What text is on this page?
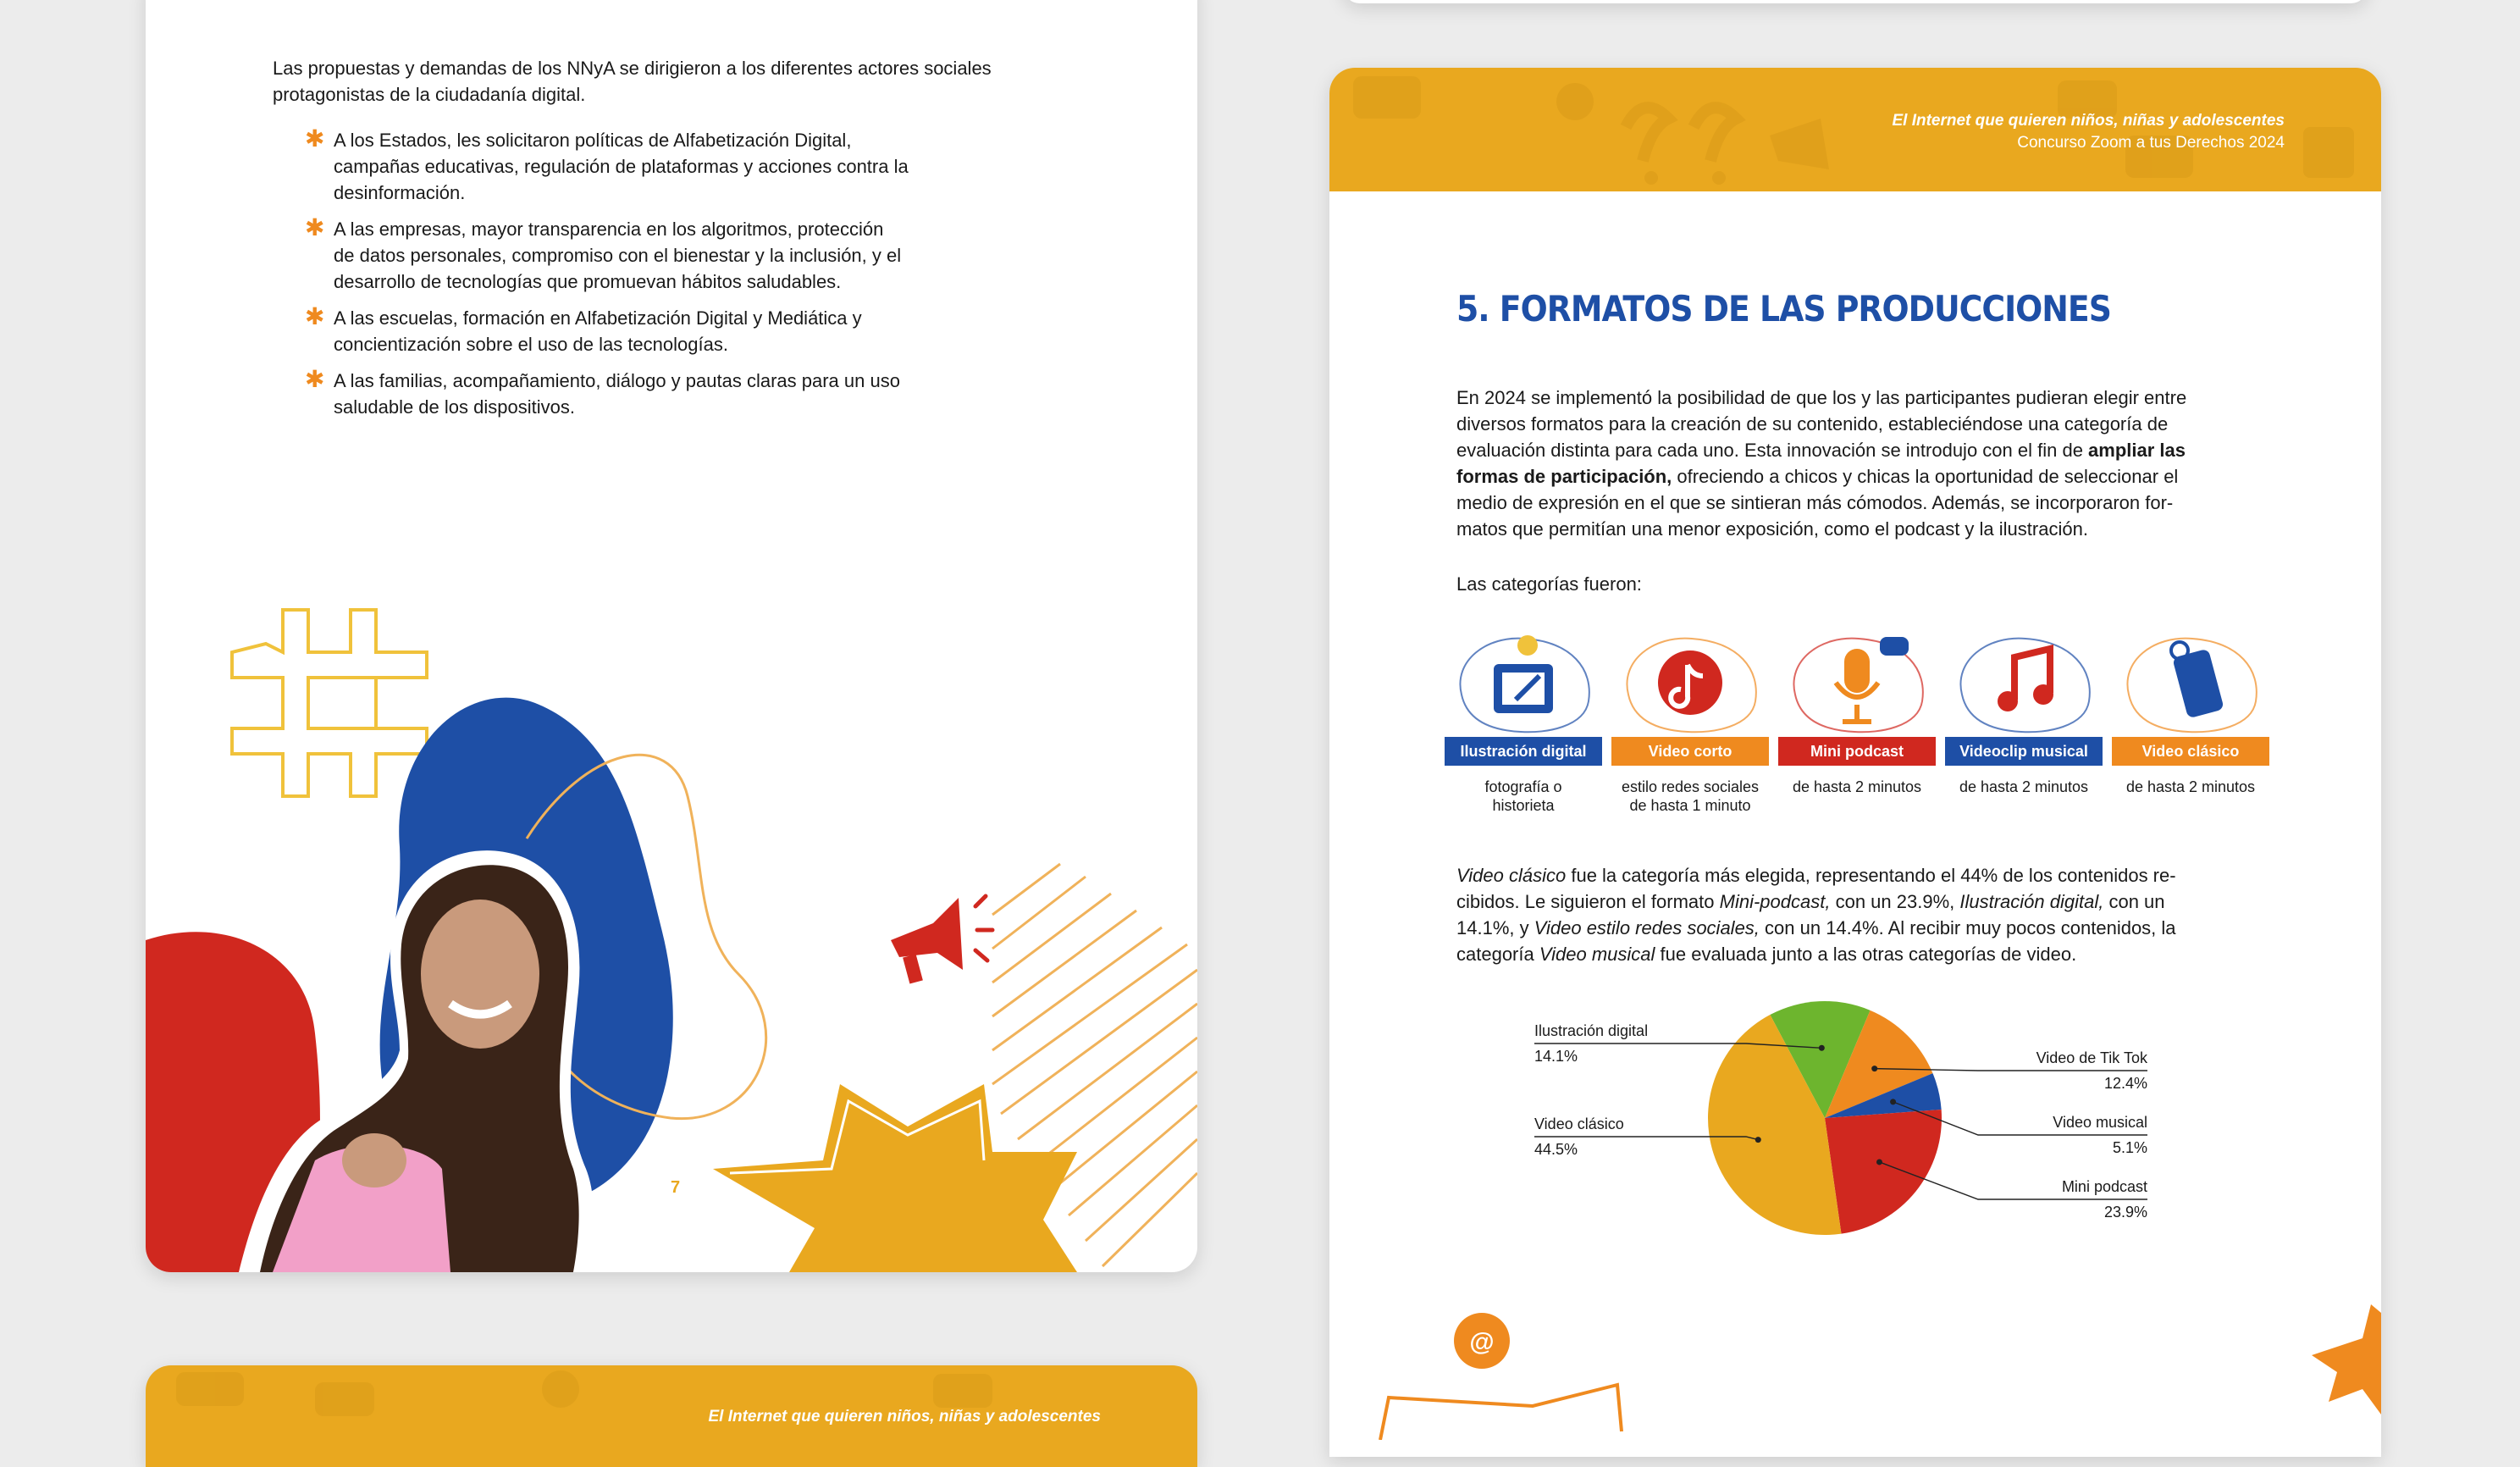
Las propuestas y demandas de los NNyA se dirigieron a los diferentes actores sociales
protagonistas de la ciudadanía digital.
✱ A los Estados, les solicitaron políticas de Alfabetización Digital,
campañas educativas, regulación de plataformas y acciones contra la
desinformación.
✱ A las empresas, mayor transparencia en los algoritmos, protección
de datos personales, compromiso con el bienestar y la inclusión, y el
desarrollo de tecnologías que promuevan hábitos saludables.
✱ A las escuelas, formación en Alfabetización Digital y Mediática y
concientización sobre el uso de las tecnologías.
✱ A las familias, acompañamiento, diálogo y pautas claras para un uso
saludable de los dispositivos.
7
El Internet que quieren niños, niñas y adolescentes
Concurso Zoom a tus Derechos 2024
5. FORMATOS DE LAS PRODUCCIONES
En 2024 se implementó la posibilidad de que los y las participantes pudieran elegir entre
diversos formatos para la creación de su contenido, estableciéndose una categoría de
evaluación distinta para cada uno. Esta innovación se introdujo con el fin de ampliar las
formas de participación, ofreciendo a chicos y chicas la oportunidad de seleccionar el
medio de expresión en el que se sintieran más cómodos. Además, se incorporaron for-
matos que permitían una menor exposición, como el podcast y la ilustración.
Las categorías fueron:
Ilustración digital
fotografía o
historieta
Video corto
estilo redes sociales
de hasta 1 minuto
Mini podcast
de hasta 2 minutos
Videoclip musical
de hasta 2 minutos
Video clásico
de hasta 2 minutos
Video clásico fue la categoría más elegida, representando el 44% de los contenidos re-
cibidos. Le siguieron el formato Mini-podcast, con un 23.9%, Ilustración digital, con un
14.1%, y Video estilo redes sociales, con un 14.4%. Al recibir muy pocos contenidos, la
categoría Video musical fue evaluada junto a las otras categorías de video.
Ilustración digital
14.1%
Video clásico
44.5%
Video de Tik Tok
12.4%
Video musical
5.1%
Mini podcast
23.9%
@
El Internet que quieren niños, niñas y adolescentes
